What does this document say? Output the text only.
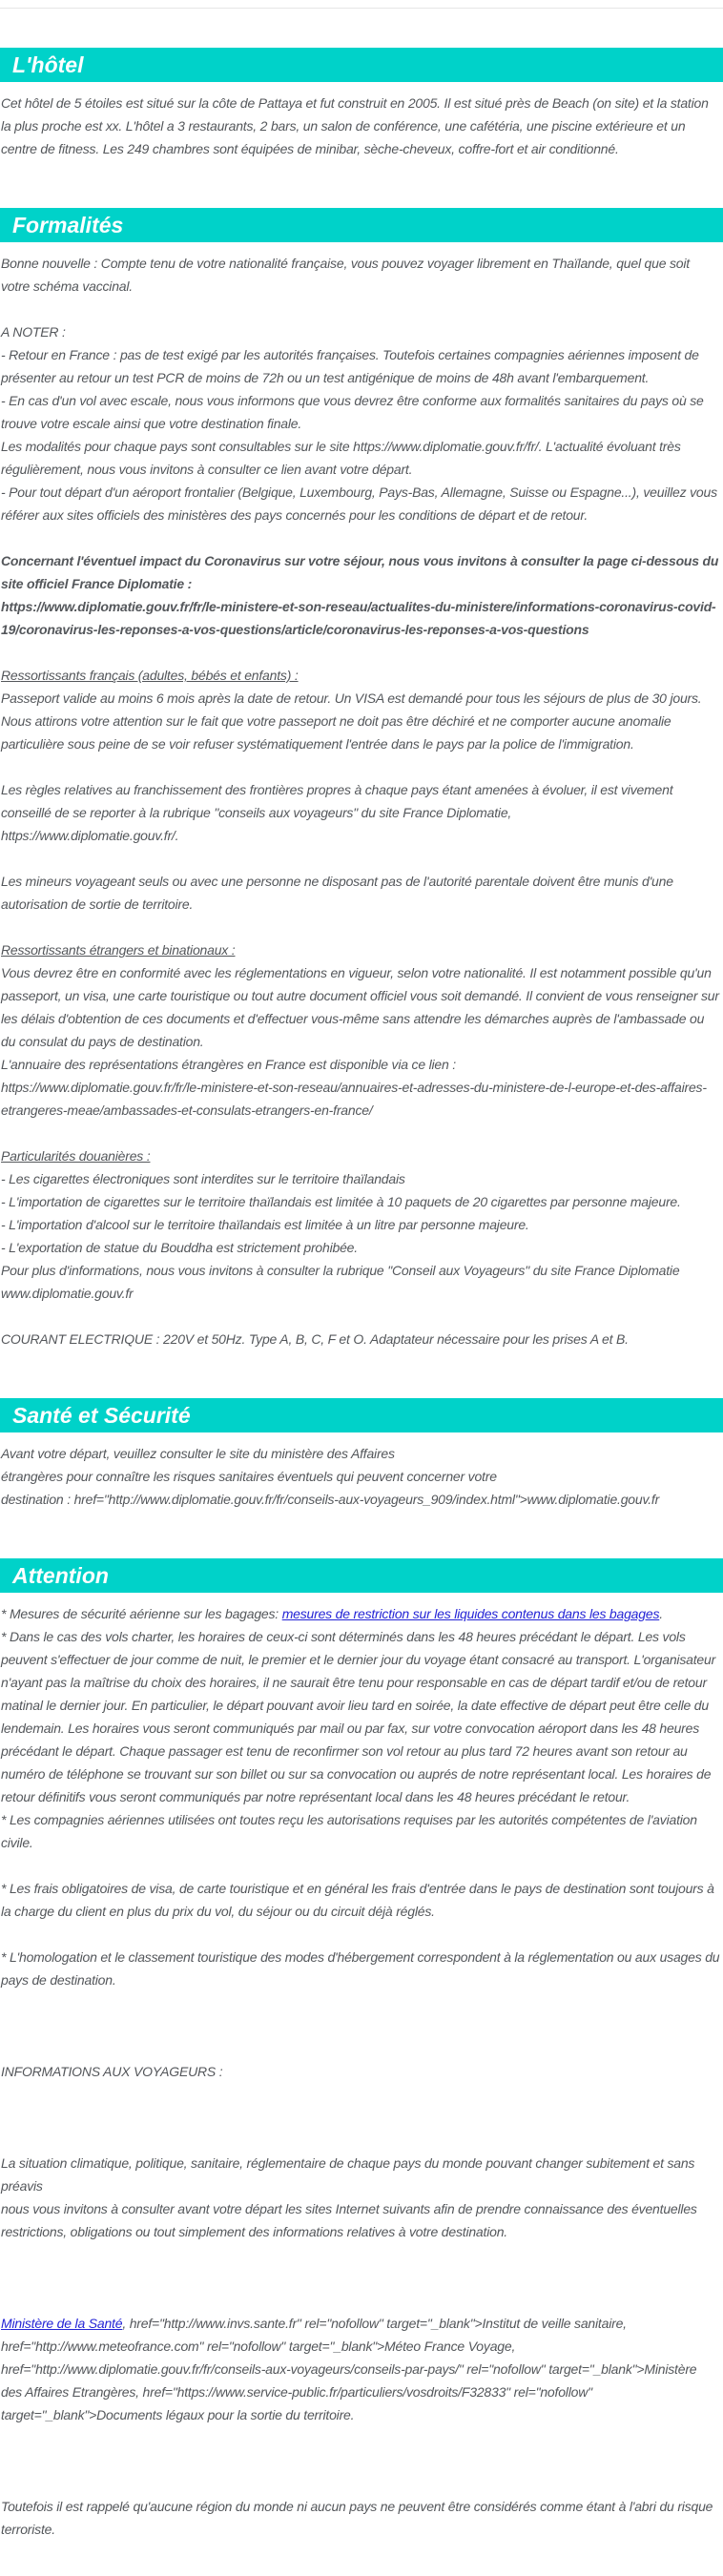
L'hôtel

Cet hôtel de 5 étoiles est situé sur la côte de Pattaya et fut construit en 2005. Il est situé près de Beach (on site) et la station la plus proche est xx. L'hôtel a 3 restaurants, 2 bars, un salon de conférence, une cafétéria, une piscine extérieure et un centre de fitness. Les 249 chambres sont équipées de minibar, sèche-cheveux, coffre-fort et air conditionné.

Formalités

Bonne nouvelle : Compte tenu de votre nationalité française, vous pouvez voyager librement en Thaïlande, quel que soit votre schéma vaccinal.

A NOTER :
- Retour en France : pas de test exigé par les autorités françaises. Toutefois certaines compagnies aériennes imposent de présenter au retour un test PCR de moins de 72h ou un test antigénique de moins de 48h avant l'embarquement.
- En cas d'un vol avec escale, nous vous informons que vous devrez être conforme aux formalités sanitaires du pays où se trouve votre escale ainsi que votre destination finale.
Les modalités pour chaque pays sont consultables sur le site https://www.diplomatie.gouv.fr/fr/. L'actualité évoluant très régulièrement, nous vous invitons à consulter ce lien avant votre départ.
- Pour tout départ d'un aéroport frontalier (Belgique, Luxembourg, Pays-Bas, Allemagne, Suisse ou Espagne...), veuillez vous référer aux sites officiels des ministères des pays concernés pour les conditions de départ et de retour.

Concernant l'éventuel impact du Coronavirus sur votre séjour, nous vous invitons à consulter la page ci-dessous du site officiel France Diplomatie :
https://www.diplomatie.gouv.fr/fr/le-ministere-et-son-reseau/actualites-du-ministere/informations-coronavirus-covid-19/coronavirus-les-reponses-a-vos-questions/article/coronavirus-les-reponses-a-vos-questions

Ressortissants français (adultes, bébés et enfants) :
Passeport valide au moins 6 mois après la date de retour. Un VISA est demandé pour tous les séjours de plus de 30 jours. Nous attirons votre attention sur le fait que votre passeport ne doit pas être déchiré et ne comporter aucune anomalie particulière sous peine de se voir refuser systématiquement l'entrée dans le pays par la police de l'immigration.

Les règles relatives au franchissement des frontières propres à chaque pays étant amenées à évoluer, il est vivement conseillé de se reporter à la rubrique "conseils aux voyageurs" du site France Diplomatie,
https://www.diplomatie.gouv.fr/.

Les mineurs voyageant seuls ou avec une personne ne disposant pas de l'autorité parentale doivent être munis d'une autorisation de sortie de territoire.

Ressortissants étrangers et binationaux :
Vous devrez être en conformité avec les réglementations en vigueur, selon votre nationalité. Il est notamment possible qu'un passeport, un visa, une carte touristique ou tout autre document officiel vous soit demandé. Il convient de vous renseigner sur les délais d'obtention de ces documents et d'effectuer vous-même sans attendre les démarches auprès de l'ambassade ou du consulat du pays de destination.
L'annuaire des représentations étrangères en France est disponible via ce lien :
https://www.diplomatie.gouv.fr/fr/le-ministere-et-son-reseau/annuaires-et-adresses-du-ministere-de-l-europe-et-des-affaires-etrangeres-meae/ambassades-et-consulats-etrangers-en-france/

Particularités douanières :
- Les cigarettes électroniques sont interdites sur le territoire thaïlandais
- L'importation de cigarettes sur le territoire thaïlandais est limitée à 10 paquets de 20 cigarettes par personne majeure.
- L'importation d'alcool sur le territoire thaïlandais est limitée à un litre par personne majeure.
- L'exportation de statue du Bouddha est strictement prohibée.
Pour plus d'informations, nous vous invitons à consulter la rubrique "Conseil aux Voyageurs" du site France Diplomatie www.diplomatie.gouv.fr

COURANT ELECTRIQUE : 220V et 50Hz. Type A, B, C, F et O. Adaptateur nécessaire pour les prises A et B.

Santé et Sécurité

Avant votre départ, veuillez consulter le site du ministère des Affaires
étrangères pour connaître les risques sanitaires éventuels qui peuvent concerner votre
destination : href="http://www.diplomatie.gouv.fr/fr/conseils-aux-voyageurs_909/index.html">www.diplomatie.gouv.fr

Attention

* Mesures de sécurité aérienne sur les bagages: mesures de restriction sur les liquides contenus dans les bagages.
* Dans le cas des vols charter, les horaires de ceux-ci sont déterminés dans les 48 heures précédant le départ. Les vols peuvent s'effectuer de jour comme de nuit, le premier et le dernier jour du voyage étant consacré au transport. L'organisateur n'ayant pas la maîtrise du choix des horaires, il ne saurait être tenu pour responsable en cas de départ tardif et/ou de retour matinal le dernier jour. En particulier, le départ pouvant avoir lieu tard en soirée, la date effective de départ peut être celle du lendemain. Les horaires vous seront communiqués par mail ou par fax, sur votre convocation aéroport dans les 48 heures précédant le départ. Chaque passager est tenu de reconfirmer son vol retour au plus tard 72 heures avant son retour au numéro de téléphone se trouvant sur son billet ou sur sa convocation ou auprés de notre représentant local. Les horaires de retour définitifs vous seront communiqués par notre représentant local dans les 48 heures précédant le retour.
* Les compagnies aériennes utilisées ont toutes reçu les autorisations requises par les autorités compétentes de l'aviation civile.

* Les frais obligatoires de visa, de carte touristique et en général les frais d'entrée dans le pays de destination sont toujours à la charge du client en plus du prix du vol, du séjour ou du circuit déjà réglés.

* L'homologation et le classement touristique des modes d'hébergement correspondent à la réglementation ou aux usages du pays de destination.

INFORMATIONS AUX VOYAGEURS :

La situation climatique, politique, sanitaire, réglementaire de chaque pays du monde pouvant changer subitement et sans préavis
nous vous invitons à consulter avant votre départ les sites Internet suivants afin de prendre connaissance des éventuelles restrictions, obligations ou tout simplement des informations relatives à votre destination.

Ministère de la Santé, href="http://www.invs.sante.fr" rel="nofollow" target="_blank">Institut de veille sanitaire,
href="http://www.meteofrance.com" rel="nofollow" target="_blank">Méteo France Voyage,
href="http://www.diplomatie.gouv.fr/fr/conseils-aux-voyageurs/conseils-par-pays/" rel="nofollow" target="_blank">Ministère des Affaires Etrangères, href="https://www.service-public.fr/particuliers/vosdroits/F32833" rel="nofollow" target="_blank">Documents légaux pour la sortie du territoire.

Toutefois il est rappelé qu'aucune région du monde ni aucun pays ne peuvent être considérés comme étant à l'abri du risque terroriste.
